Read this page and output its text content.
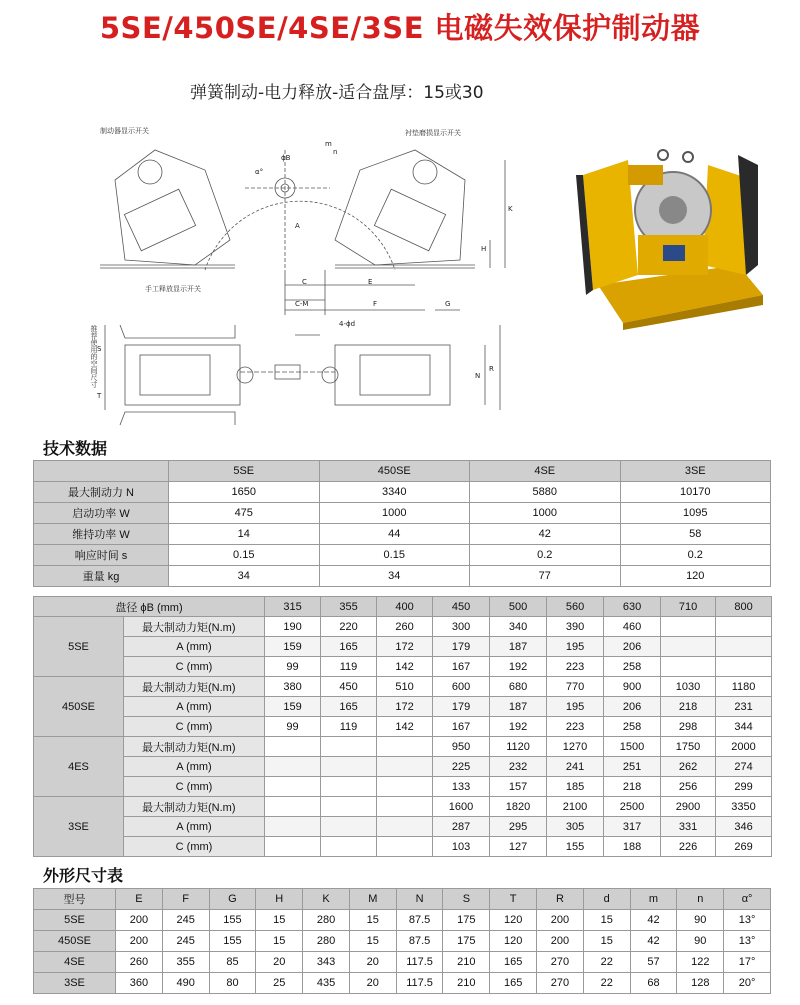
5SE/450SE/4SE/3SE 电磁失效保护制动器
弹簧制动-电力释放-适合盘厚：15或30
制动器显示开关	衬垫磨损显示开关
手工释放显示开关
推荐使用的空间尺寸
ϕB
m
n
α°
A
K
H
C	E
C-M	F	G
4-ϕd
S
T
N
R
技术数据
	5SE	450SE	4SE	3SE
最大制动力 N	1650	3340	5880	10170
启动功率 W	475	1000	1000	1095
维持功率 W	14	44	42	58
响应时间 s	0.15	0.15	0.2	0.2
重量 kg	34	34	77	120
盘径 ϕB (mm)		315	355	400	450	500	560	630	710	800
5SE	最大制动力矩(N.m)	190	220	260	300	340	390	460		
	A (mm)	159	165	172	179	187	195	206		
	C (mm)	99	119	142	167	192	223	258		
450SE	最大制动力矩(N.m)	380	450	510	600	680	770	900	1030	1180
	A (mm)	159	165	172	179	187	195	206	218	231
	C (mm)	99	119	142	167	192	223	258	298	344
4ES	最大制动力矩(N.m)				950	1120	1270	1500	1750	2000
	A (mm)				225	232	241	251	262	274
	C (mm)				133	157	185	218	256	299
3SE	最大制动力矩(N.m)				1600	1820	2100	2500	2900	3350
	A (mm)				287	295	305	317	331	346
	C (mm)				103	127	155	188	226	269
外形尺寸表
型号	E	F	G	H	K	M	N	S	T	R	d	m	n	α°
5SE	200	245	155	15	280	15	87.5	175	120	200	15	42	90	13°
450SE	200	245	155	15	280	15	87.5	175	120	200	15	42	90	13°
4SE	260	355	85	20	343	20	117.5	210	165	270	22	57	122	17°
3SE	360	490	80	25	435	20	117.5	210	165	270	22	68	128	20°
